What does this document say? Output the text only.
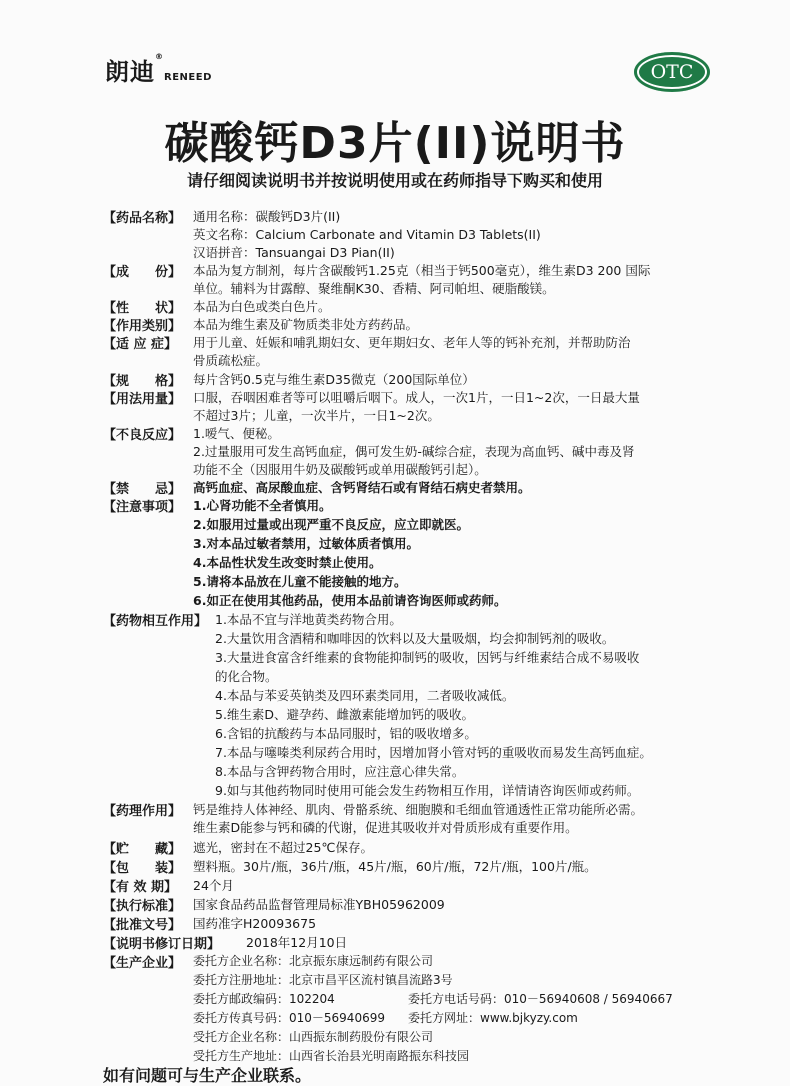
朗迪®RENEED	OTC
碳酸钙D3片(II)说明书
请仔细阅读说明书并按说明使用或在药师指导下购买和使用
【药品名称】 通用名称：碳酸钙D3片(II)
英文名称：Calcium Carbonate and Vitamin D3 Tablets(II)
汉语拼音：Tansuangai D3 Pian(II)
【成　　份】 本品为复方制剂，每片含碳酸钙1.25克（相当于钙500毫克），维生素D3 200 国际
单位。辅料为甘露醇、聚维酮K30、香精、阿司帕坦、硬脂酸镁。
【性　　状】 本品为白色或类白色片。
【作用类别】 本品为维生素及矿物质类非处方药药品。
【适 应 症】 用于儿童、妊娠和哺乳期妇女、更年期妇女、老年人等的钙补充剂，并帮助防治
骨质疏松症。
【规　　格】 每片含钙0.5克与维生素D35微克（200国际单位）
【用法用量】 口服，吞咽困难者等可以咀嚼后咽下。成人，一次1片，一日1~2次，一日最大量
不超过3片；儿童，一次半片，一日1~2次。
【不良反应】 1.嗳气、便秘。
2.过量服用可发生高钙血症，偶可发生奶-碱综合症，表现为高血钙、碱中毒及肾
功能不全（因服用牛奶及碳酸钙或单用碳酸钙引起）。
【禁　　忌】 高钙血症、高尿酸血症、含钙肾结石或有肾结石病史者禁用。
【注意事项】 1.心肾功能不全者慎用。
2.如服用过量或出现严重不良反应，应立即就医。
3.对本品过敏者禁用，过敏体质者慎用。
4.本品性状发生改变时禁止使用。
5.请将本品放在儿童不能接触的地方。
6.如正在使用其他药品，使用本品前请咨询医师或药师。
【药物相互作用】 1.本品不宜与洋地黄类药物合用。
2.大量饮用含酒精和咖啡因的饮料以及大量吸烟，均会抑制钙剂的吸收。
3.大量进食富含纤维素的食物能抑制钙的吸收，因钙与纤维素结合成不易吸收
的化合物。
4.本品与苯妥英钠类及四环素类同用，二者吸收减低。
5.维生素D、避孕药、雌激素能增加钙的吸收。
6.含铝的抗酸药与本品同服时，铝的吸收增多。
7.本品与噻嗪类利尿药合用时，因增加肾小管对钙的重吸收而易发生高钙血症。
8.本品与含钾药物合用时，应注意心律失常。
9.如与其他药物同时使用可能会发生药物相互作用，详情请咨询医师或药师。
【药理作用】 钙是维持人体神经、肌肉、骨骼系统、细胞膜和毛细血管通透性正常功能所必需。
维生素D能参与钙和磷的代谢，促进其吸收并对骨质形成有重要作用。
【贮　　藏】 遮光，密封在不超过25℃保存。
【包　　装】 塑料瓶。30片/瓶，36片/瓶，45片/瓶，60片/瓶，72片/瓶，100片/瓶。
【有 效 期】 24个月
【执行标准】 国家食品药品监督管理局标准YBH05962009
【批准文号】 国药准字H20093675
【说明书修订日期】 2018年12月10日
【生产企业】 委托方企业名称：北京振东康远制药有限公司
委托方注册地址：北京市昌平区流村镇昌流路3号
委托方邮政编码：102204	委托方电话号码：010－56940608 / 56940667
委托方传真号码：010－56940699 委托方网址：www.bjkyzy.com
受托方企业名称：山西振东制药股份有限公司
受托方生产地址：山西省长治县光明南路振东科技园
如有问题可与生产企业联系。
